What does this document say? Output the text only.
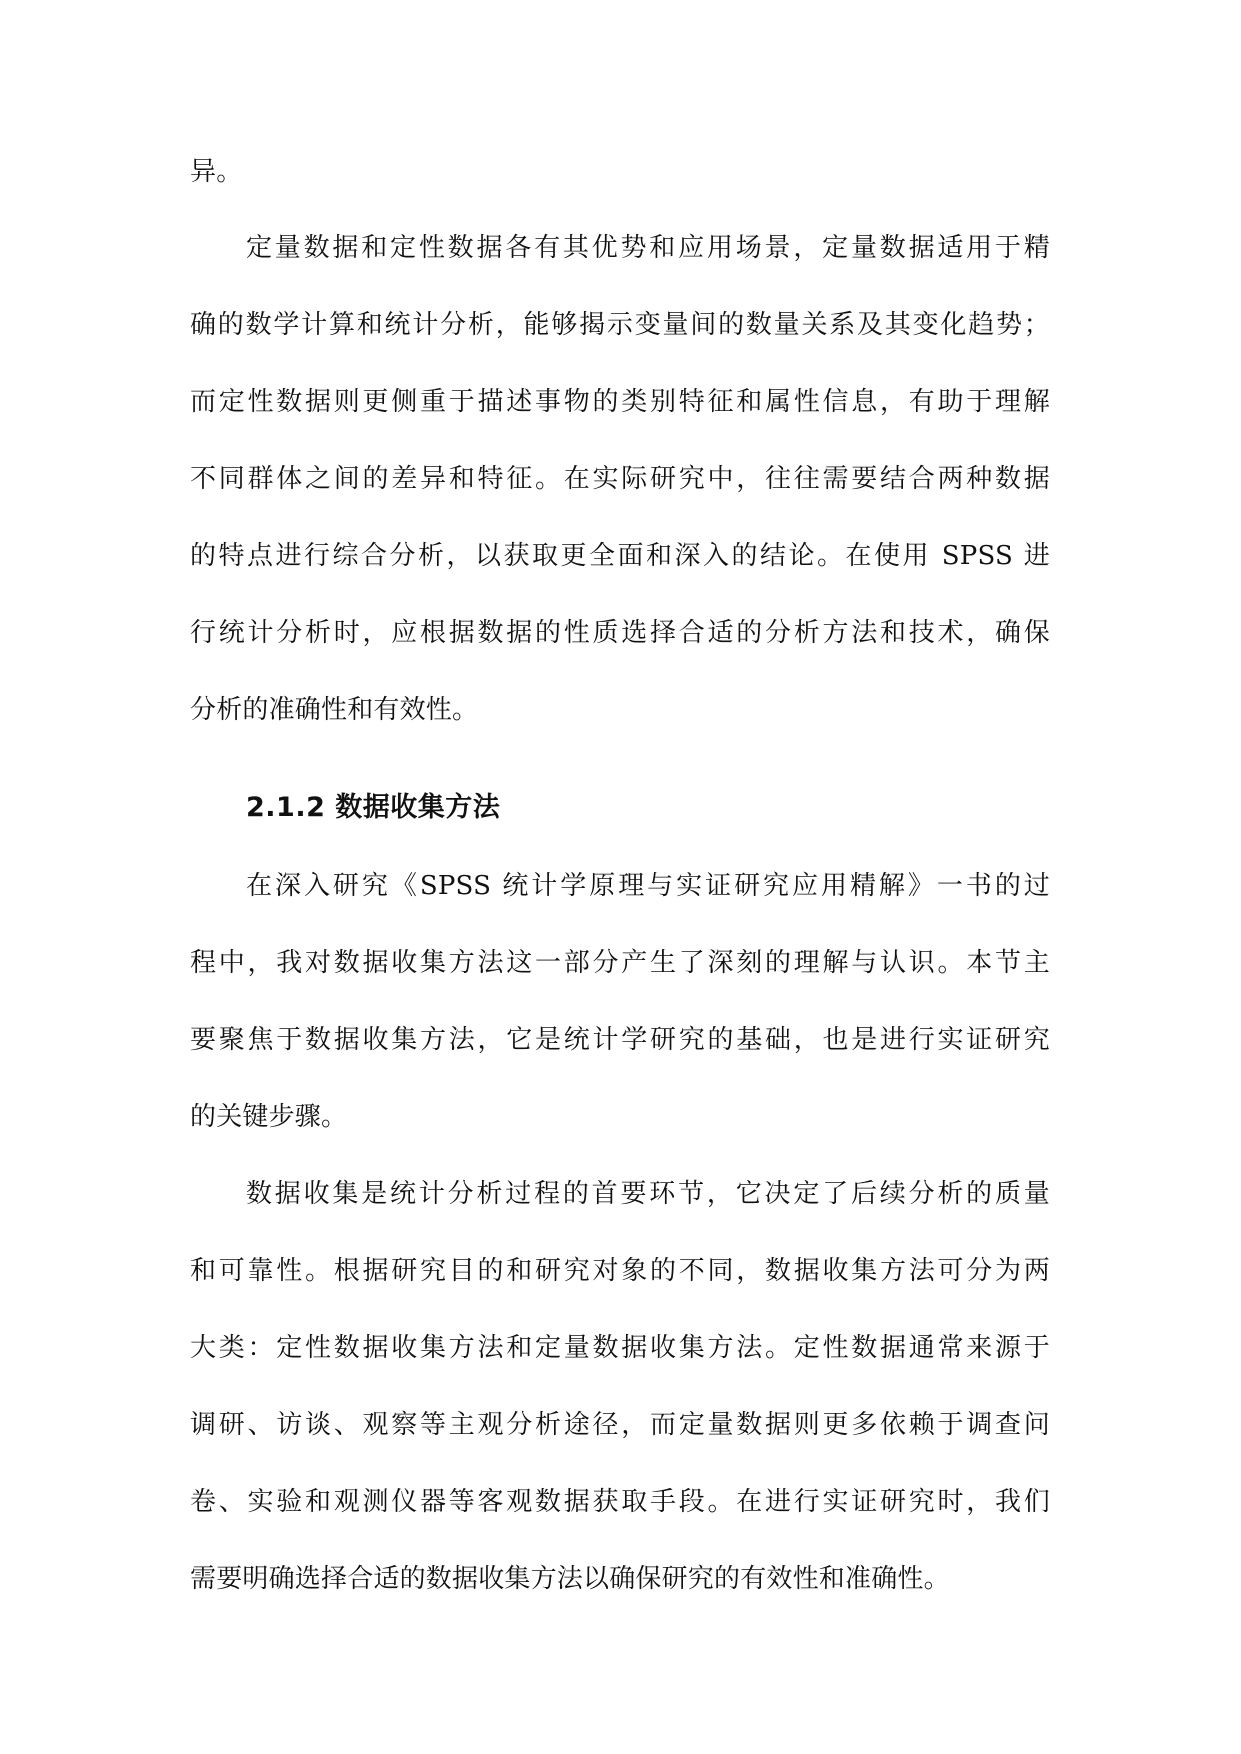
异。
定量数据和定性数据各有其优势和应用场景，定量数据适用于精
确的数学计算和统计分析，能够揭示变量间的数量关系及其变化趋势；
而定性数据则更侧重于描述事物的类别特征和属性信息，有助于理解
不同群体之间的差异和特征。在实际研究中，往往需要结合两种数据
的特点进行综合分析，以获取更全面和深入的结论。在使用 SPSS 进
行统计分析时，应根据数据的性质选择合适的分析方法和技术，确保
分析的准确性和有效性。
2.1.2 数据收集方法
在深入研究《SPSS 统计学原理与实证研究应用精解》一书的过
程中，我对数据收集方法这一部分产生了深刻的理解与认识。本节主
要聚焦于数据收集方法，它是统计学研究的基础，也是进行实证研究
的关键步骤。
数据收集是统计分析过程的首要环节，它决定了后续分析的质量
和可靠性。根据研究目的和研究对象的不同，数据收集方法可分为两
大类：定性数据收集方法和定量数据收集方法。定性数据通常来源于
调研、访谈、观察等主观分析途径，而定量数据则更多依赖于调查问
卷、实验和观测仪器等客观数据获取手段。在进行实证研究时，我们
需要明确选择合适的数据收集方法以确保研究的有效性和准确性。
